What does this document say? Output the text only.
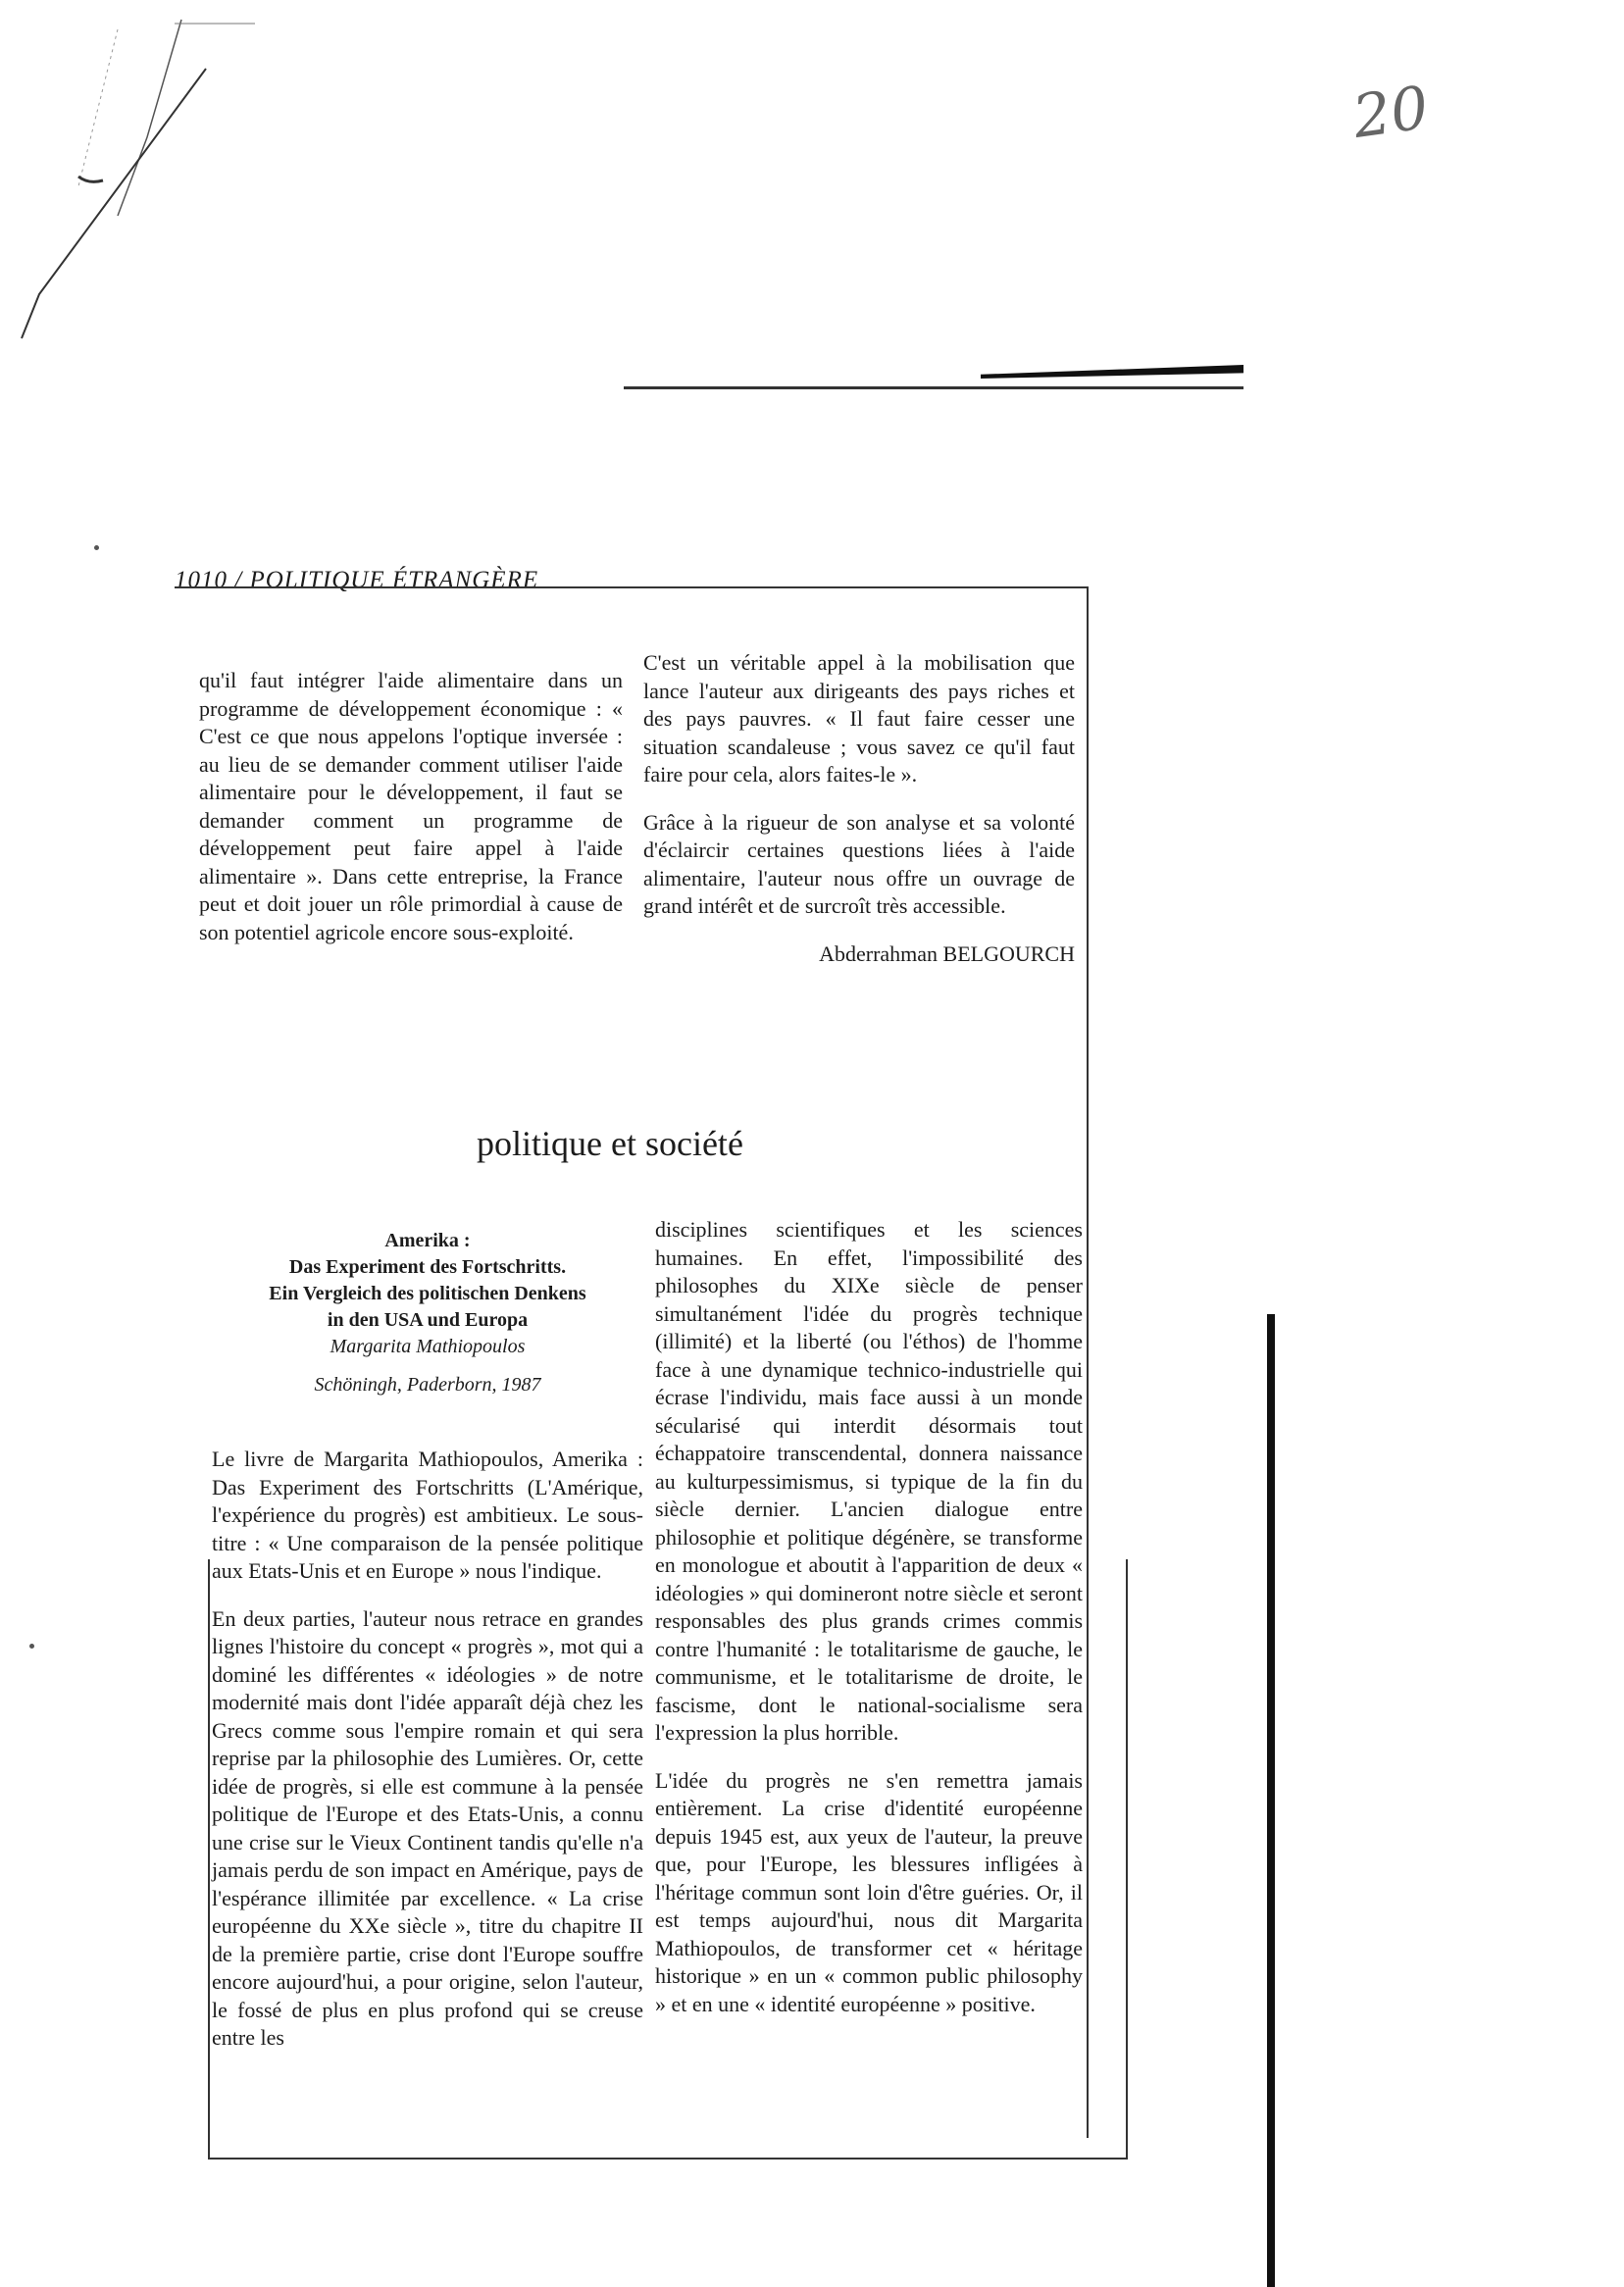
20
1010 / POLITIQUE ÉTRANGÈRE

qu'il faut intégrer l'aide alimentaire dans un programme de développement économique : « C'est ce que nous appelons l'optique inversée : au lieu de se demander comment utiliser l'aide alimentaire pour le développement, il faut se demander comment un programme de développement peut faire appel à l'aide alimentaire ». Dans cette entreprise, la France peut et doit jouer un rôle primordial à cause de son potentiel agricole encore sous-exploité.

C'est un véritable appel à la mobilisation que lance l'auteur aux dirigeants des pays riches et des pays pauvres. « Il faut faire cesser une situation scandaleuse ; vous savez ce qu'il faut faire pour cela, alors faites-le ».

Grâce à la rigueur de son analyse et sa volonté d'éclaircir certaines questions liées à l'aide alimentaire, l'auteur nous offre un ouvrage de grand intérêt et de surcroît très accessible.

Abderrahman BELGOURCH
politique et société
Amerika :
Das Experiment des Fortschritts.
Ein Vergleich des politischen Denkens
in den USA und Europa
Margarita Mathiopoulos
Schöningh, Paderborn, 1987

Le livre de Margarita Mathiopoulos, Amerika : Das Experiment des Fortschritts (L'Amérique, l'expérience du progrès) est ambitieux. Le sous-titre : « Une comparaison de la pensée politique aux Etats-Unis et en Europe » nous l'indique.

En deux parties, l'auteur nous retrace en grandes lignes l'histoire du concept « progrès », mot qui a dominé les différentes « idéologies » de notre modernité mais dont l'idée apparaît déjà chez les Grecs comme sous l'empire romain et qui sera reprise par la philosophie des Lumières. Or, cette idée de progrès, si elle est commune à la pensée politique de l'Europe et des Etats-Unis, a connu une crise sur le Vieux Continent tandis qu'elle n'a jamais perdu de son impact en Amérique, pays de l'espérance illimitée par excellence. « La crise européenne du XXe siècle », titre du chapitre II de la première partie, crise dont l'Europe souffre encore aujourd'hui, a pour origine, selon l'auteur, le fossé de plus en plus profond qui se creuse entre les

disciplines scientifiques et les sciences humaines. En effet, l'impossibilité des philosophes du XIXe siècle de penser simultanément l'idée du progrès technique (illimité) et la liberté (ou l'éthos) de l'homme face à une dynamique technico-industrielle qui écrase l'individu, mais face aussi à un monde sécularisé qui interdit désormais tout échappatoire transcendental, donnera naissance au kulturpessimismus, si typique de la fin du siècle dernier. L'ancien dialogue entre philosophie et politique dégénère, se transforme en monologue et aboutit à l'apparition de deux « idéologies » qui domineront notre siècle et seront responsables des plus grands crimes commis contre l'humanité : le totalitarisme de gauche, le communisme, et le totalitarisme de droite, le fascisme, dont le national-socialisme sera l'expression la plus horrible.

L'idée du progrès ne s'en remettra jamais entièrement. La crise d'identité européenne depuis 1945 est, aux yeux de l'auteur, la preuve que, pour l'Europe, les blessures infligées à l'héritage commun sont loin d'être guéries. Or, il est temps aujourd'hui, nous dit Margarita Mathiopoulos, de transformer cet « héritage historique » en un « common public philosophy » et en une « identité européenne » positive.
